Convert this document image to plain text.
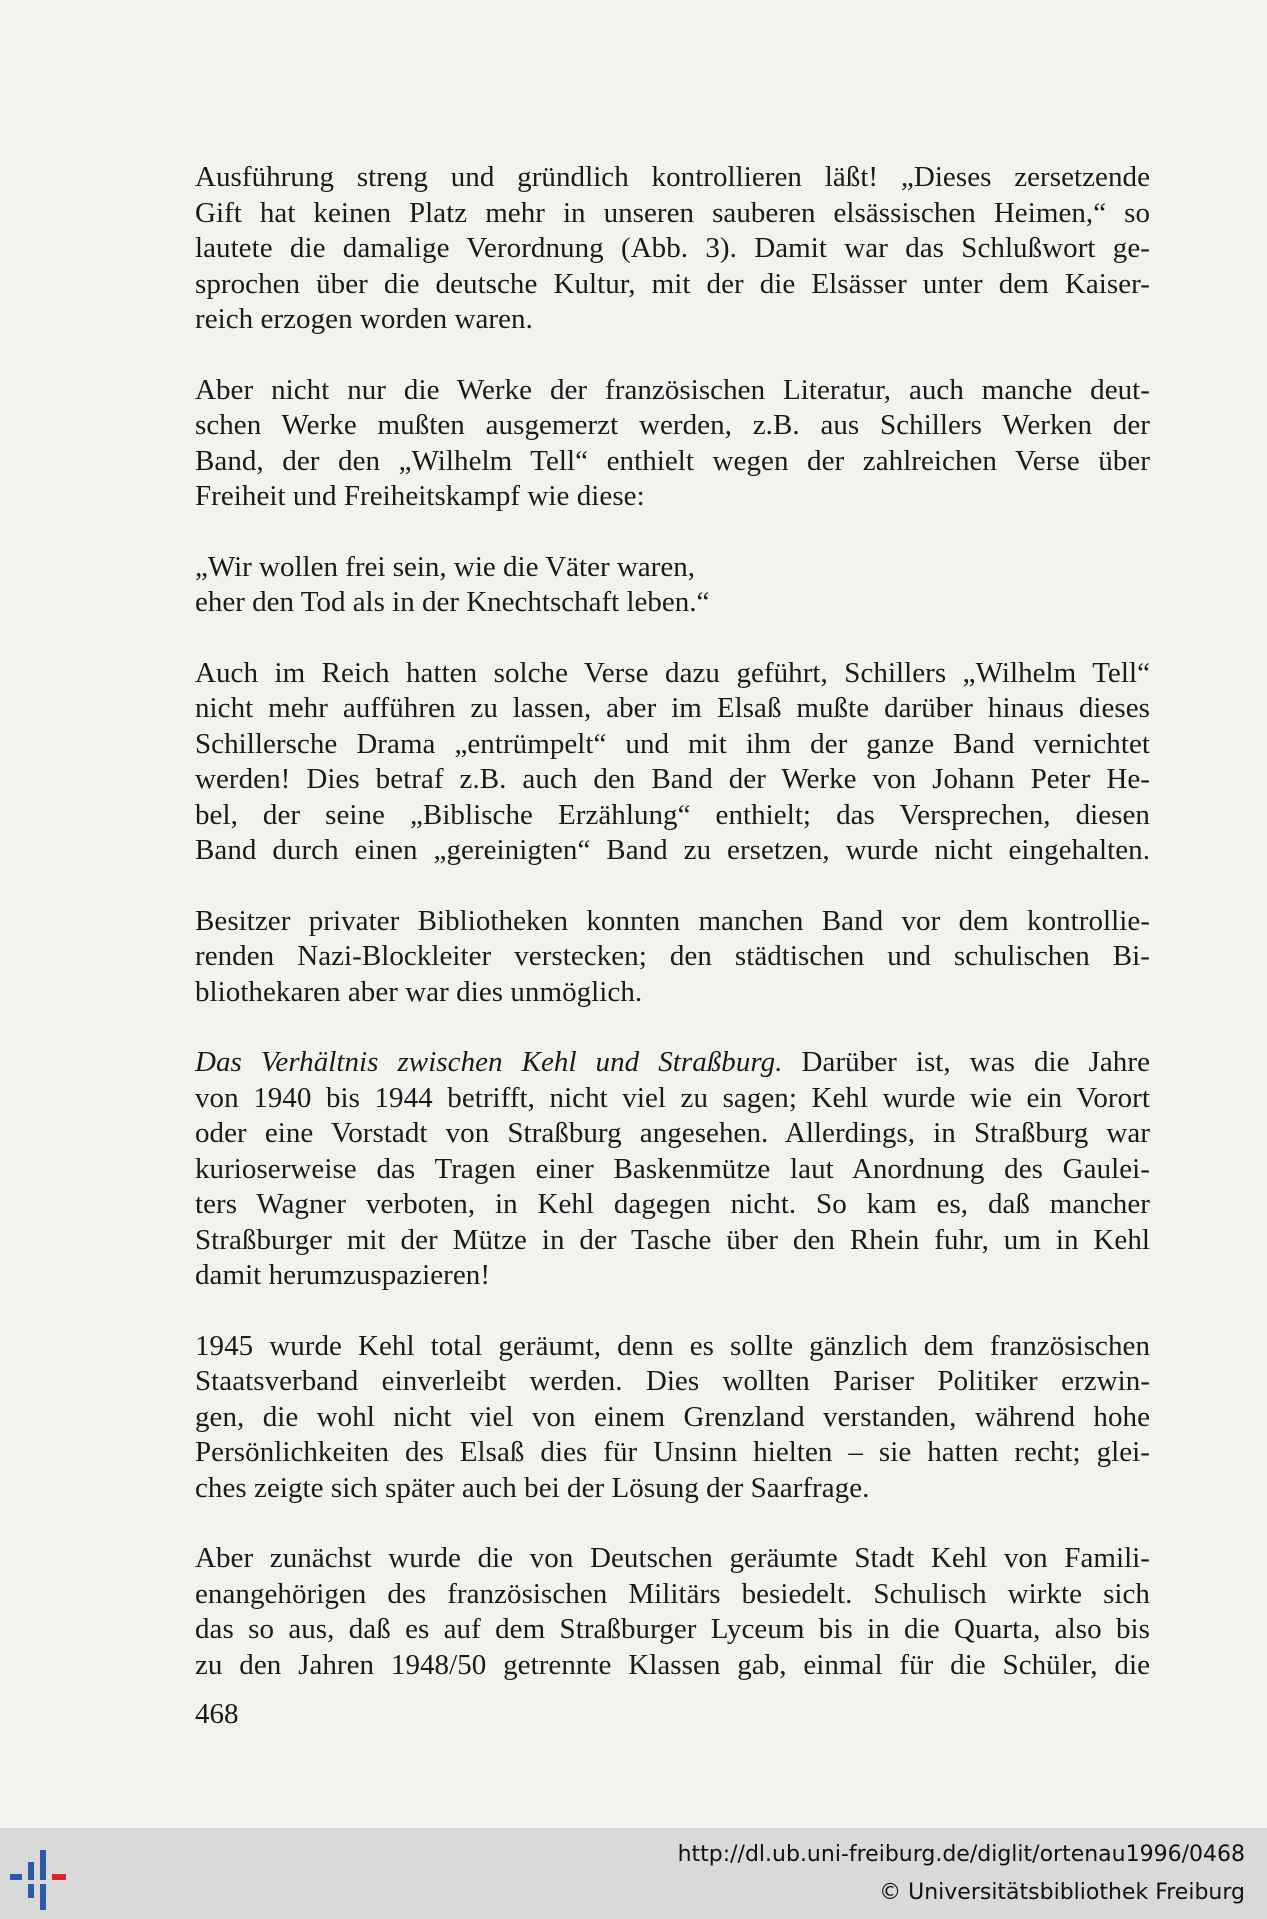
Ausführung streng und gründlich kontrollieren läßt! „Dieses zersetzende
Gift hat keinen Platz mehr in unseren sauberen elsässischen Heimen,“ so
lautete die damalige Verordnung (Abb. 3). Damit war das Schlußwort ge-
sprochen über die deutsche Kultur, mit der die Elsässer unter dem Kaiser-
reich erzogen worden waren.

Aber nicht nur die Werke der französischen Literatur, auch manche deut-
schen Werke mußten ausgemerzt werden, z.B. aus Schillers Werken der
Band, der den „Wilhelm Tell“ enthielt wegen der zahlreichen Verse über
Freiheit und Freiheitskampf wie diese:

„Wir wollen frei sein, wie die Väter waren,
eher den Tod als in der Knechtschaft leben.“

Auch im Reich hatten solche Verse dazu geführt, Schillers „Wilhelm Tell“
nicht mehr aufführen zu lassen, aber im Elsaß mußte darüber hinaus dieses
Schillersche Drama „entrümpelt“ und mit ihm der ganze Band vernichtet
werden! Dies betraf z.B. auch den Band der Werke von Johann Peter He-
bel, der seine „Biblische Erzählung“ enthielt; das Versprechen, diesen
Band durch einen „gereinigten“ Band zu ersetzen, wurde nicht eingehalten.

Besitzer privater Bibliotheken konnten manchen Band vor dem kontrollie-
renden Nazi-Blockleiter verstecken; den städtischen und schulischen Bi-
bliothekaren aber war dies unmöglich.

Das Verhältnis zwischen Kehl und Straßburg. Darüber ist, was die Jahre
von 1940 bis 1944 betrifft, nicht viel zu sagen; Kehl wurde wie ein Vorort
oder eine Vorstadt von Straßburg angesehen. Allerdings, in Straßburg war
kurioserweise das Tragen einer Baskenmütze laut Anordnung des Gaulei-
ters Wagner verboten, in Kehl dagegen nicht. So kam es, daß mancher
Straßburger mit der Mütze in der Tasche über den Rhein fuhr, um in Kehl
damit herumzuspazieren!

1945 wurde Kehl total geräumt, denn es sollte gänzlich dem französischen
Staatsverband einverleibt werden. Dies wollten Pariser Politiker erzwin-
gen, die wohl nicht viel von einem Grenzland verstanden, während hohe
Persönlichkeiten des Elsaß dies für Unsinn hielten – sie hatten recht; glei-
ches zeigte sich später auch bei der Lösung der Saarfrage.

Aber zunächst wurde die von Deutschen geräumte Stadt Kehl von Famili-
enangehörigen des französischen Militärs besiedelt. Schulisch wirkte sich
das so aus, daß es auf dem Straßburger Lyceum bis in die Quarta, also bis
zu den Jahren 1948/50 getrennte Klassen gab, einmal für die Schüler, die

468
http://dl.ub.uni-freiburg.de/diglit/ortenau1996/0468
© Universitätsbibliothek Freiburg
